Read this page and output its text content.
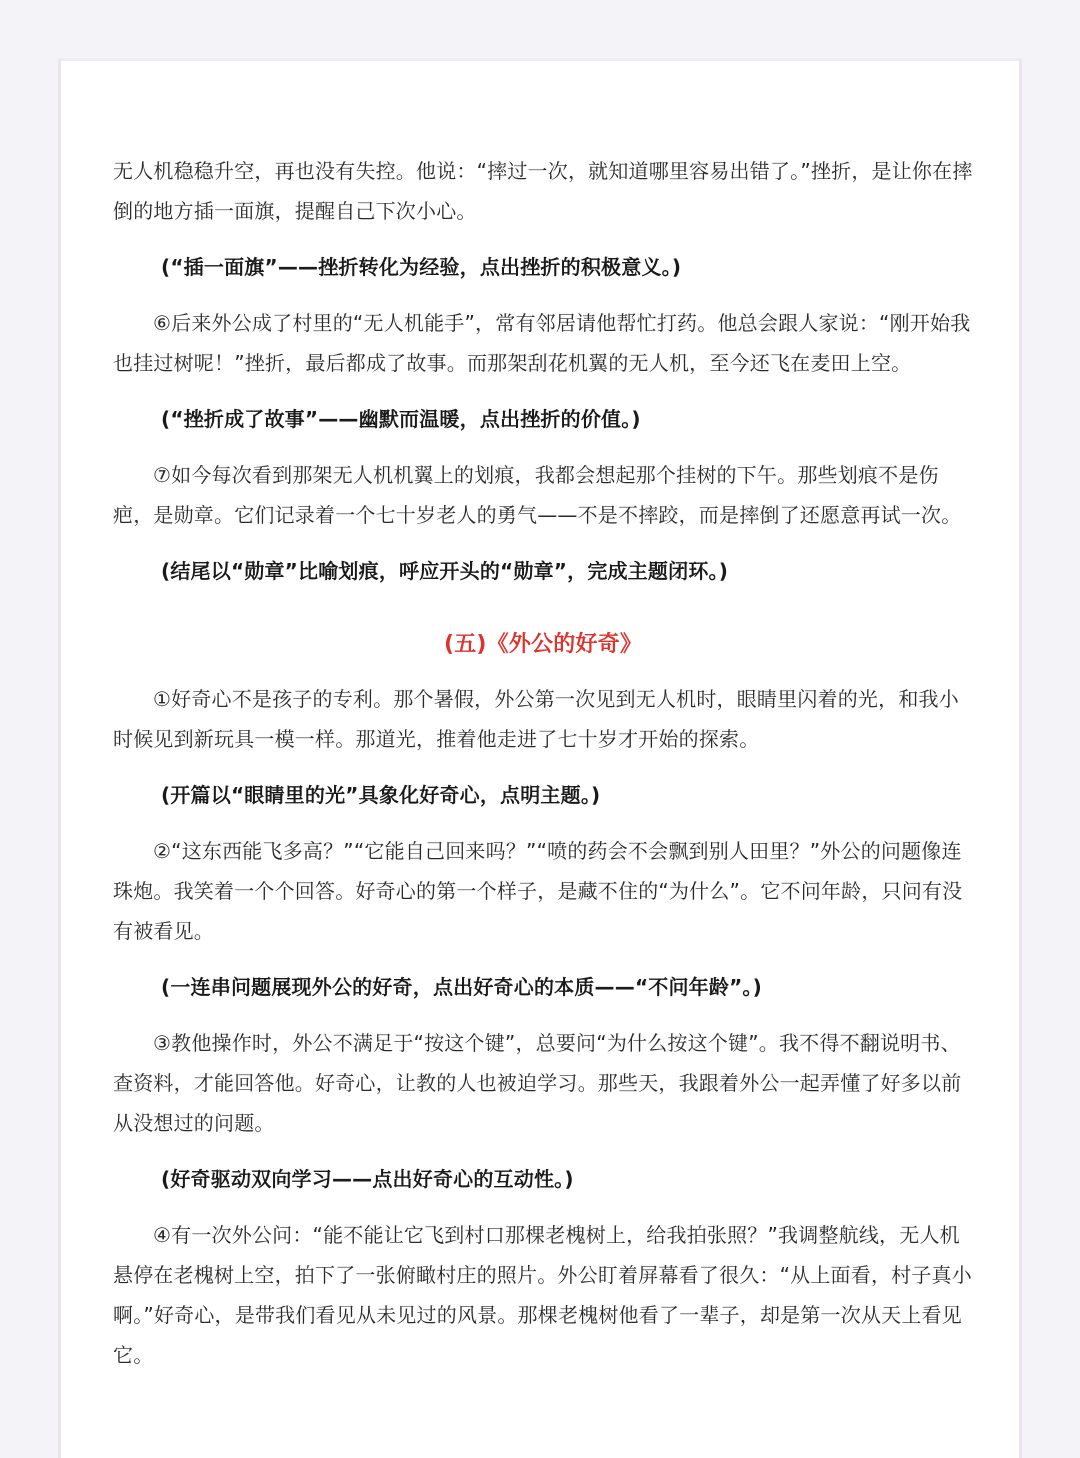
无人机稳稳升空，再也没有失控。他说：“摔过一次，就知道哪里容易出错了。”挫折，是让你在摔倒的地方插一面旗，提醒自己下次小心。

(“插一面旗”——挫折转化为经验，点出挫折的积极意义。)

⑥后来外公成了村里的“无人机能手”，常有邻居请他帮忙打药。他总会跟人家说：“刚开始我也挂过树呢！”挫折，最后都成了故事。而那架刮花机翼的无人机，至今还飞在麦田上空。

(“挫折成了故事”——幽默而温暖，点出挫折的价值。)

⑦如今每次看到那架无人机机翼上的划痕，我都会想起那个挂树的下午。那些划痕不是伤疤，是勋章。它们记录着一个七十岁老人的勇气——不是不摔跤，而是摔倒了还愿意再试一次。

(结尾以“勋章”比喻划痕，呼应开头的“勋章”，完成主题闭环。)

(五)《外公的好奇》

①好奇心不是孩子的专利。那个暑假，外公第一次见到无人机时，眼睛里闪着的光，和我小时候见到新玩具一模一样。那道光，推着他走进了七十岁才开始的探索。

(开篇以“眼睛里的光”具象化好奇心，点明主题。)

②“这东西能飞多高？”“它能自己回来吗？”“喷的药会不会飘到别人田里？”外公的问题像连珠炮。我笑着一个个回答。好奇心的第一个样子，是藏不住的“为什么”。它不问年龄，只问有没有被看见。

(一连串问题展现外公的好奇，点出好奇心的本质——“不问年龄”。)

③教他操作时，外公不满足于“按这个键”，总要问“为什么按这个键”。我不得不翻说明书、查资料，才能回答他。好奇心，让教的人也被迫学习。那些天，我跟着外公一起弄懂了好多以前从没想过的问题。

(好奇驱动双向学习——点出好奇心的互动性。)

④有一次外公问：“能不能让它飞到村口那棵老槐树上，给我拍张照？”我调整航线，无人机悬停在老槐树上空，拍下了一张俯瞰村庄的照片。外公盯着屏幕看了很久：“从上面看，村子真小啊。”好奇心，是带我们看见从未见过的风景。那棵老槐树他看了一辈子，却是第一次从天上看见它。
